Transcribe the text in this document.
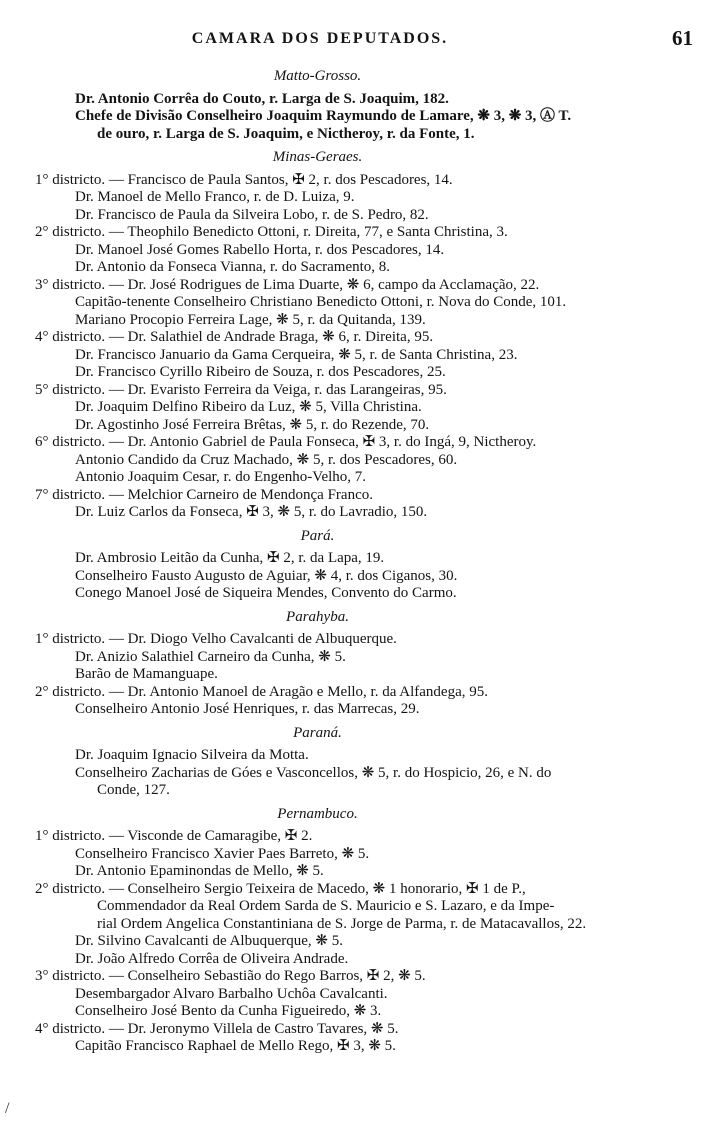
CAMARA DOS DEPUTADOS.	61
Matto-Grosso.
Dr. Antonio Corrêa do Couto, r. Larga de S. Joaquim, 182.
Chefe de Divisão Conselheiro Joaquim Raymundo de Lamare, ❋ 3, ❋ 3, Ⓐ T.
de ouro, r. Larga de S. Joaquim, e Nictheroy, r. da Fonte, 1.
Minas-Geraes.
1° districto. — Francisco de Paula Santos, ✠ 2, r. dos Pescadores, 14.
Dr. Manoel de Mello Franco, r. de D. Luiza, 9.
Dr. Francisco de Paula da Silveira Lobo, r. de S. Pedro, 82.
2° districto. — Theophilo Benedicto Ottoni, r. Direita, 77, e Santa Christina, 3.
Dr. Manoel José Gomes Rabello Horta, r. dos Pescadores, 14.
Dr. Antonio da Fonseca Vianna, r. do Sacramento, 8.
3° districto. — Dr. José Rodrigues de Lima Duarte, ❋ 6, campo da Acclamação, 22.
Capitão-tenente Conselheiro Christiano Benedicto Ottoni, r. Nova do Conde, 101.
Mariano Procopio Ferreira Lage, ❋ 5, r. da Quitanda, 139.
4° districto. — Dr. Salathiel de Andrade Braga, ❋ 6, r. Direita, 95.
Dr. Francisco Januario da Gama Cerqueira, ❋ 5, r. de Santa Christina, 23.
Dr. Francisco Cyrillo Ribeiro de Souza, r. dos Pescadores, 25.
5° districto. — Dr. Evaristo Ferreira da Veiga, r. das Larangeiras, 95.
Dr. Joaquim Delfino Ribeiro da Luz, ❋ 5, Villa Christina.
Dr. Agostinho José Ferreira Brêtas, ❋ 5, r. do Rezende, 70.
6° districto. — Dr. Antonio Gabriel de Paula Fonseca, ✠ 3, r. do Ingá, 9, Nictheroy.
Antonio Candido da Cruz Machado, ❋ 5, r. dos Pescadores, 60.
Antonio Joaquim Cesar, r. do Engenho-Velho, 7.
7° districto. — Melchior Carneiro de Mendonça Franco.
Dr. Luiz Carlos da Fonseca, ✠ 3, ❋ 5, r. do Lavradio, 150.
Pará.
Dr. Ambrosio Leitão da Cunha, ✠ 2, r. da Lapa, 19.
Conselheiro Fausto Augusto de Aguiar, ❋ 4, r. dos Ciganos, 30.
Conego Manoel José de Siqueira Mendes, Convento do Carmo.
Parahyba.
1° districto. — Dr. Diogo Velho Cavalcanti de Albuquerque.
Dr. Anizio Salathiel Carneiro da Cunha, ❋ 5.
Barão de Mamanguape.
2° districto. — Dr. Antonio Manoel de Aragão e Mello, r. da Alfandega, 95.
Conselheiro Antonio José Henriques, r. das Marrecas, 29.
Paraná.
Dr. Joaquim Ignacio Silveira da Motta.
Conselheiro Zacharias de Góes e Vasconcellos, ❋ 5, r. do Hospicio, 26, e N. do
Conde, 127.
Pernambuco.
1° districto. — Visconde de Camaragibe, ✠ 2.
Conselheiro Francisco Xavier Paes Barreto, ❋ 5.
Dr. Antonio Epaminondas de Mello, ❋ 5.
2° districto. — Conselheiro Sergio Teixeira de Macedo, ❋ 1 honorario, ✠ 1 de P.,
Commendador da Real Ordem Sarda de S. Mauricio e S. Lazaro, e da Impe-
rial Ordem Angelica Constantiniana de S. Jorge de Parma, r. de Matacavallos, 22.
Dr. Silvino Cavalcanti de Albuquerque, ❋ 5.
Dr. João Alfredo Corrêa de Oliveira Andrade.
3° districto. — Conselheiro Sebastião do Rego Barros, ✠ 2, ❋ 5.
Desembargador Alvaro Barbalho Uchôa Cavalcanti.
Conselheiro José Bento da Cunha Figueiredo, ❋ 3.
4° districto. — Dr. Jeronymo Villela de Castro Tavares, ❋ 5.
Capitão Francisco Raphael de Mello Rego, ✠ 3, ❋ 5.
/
